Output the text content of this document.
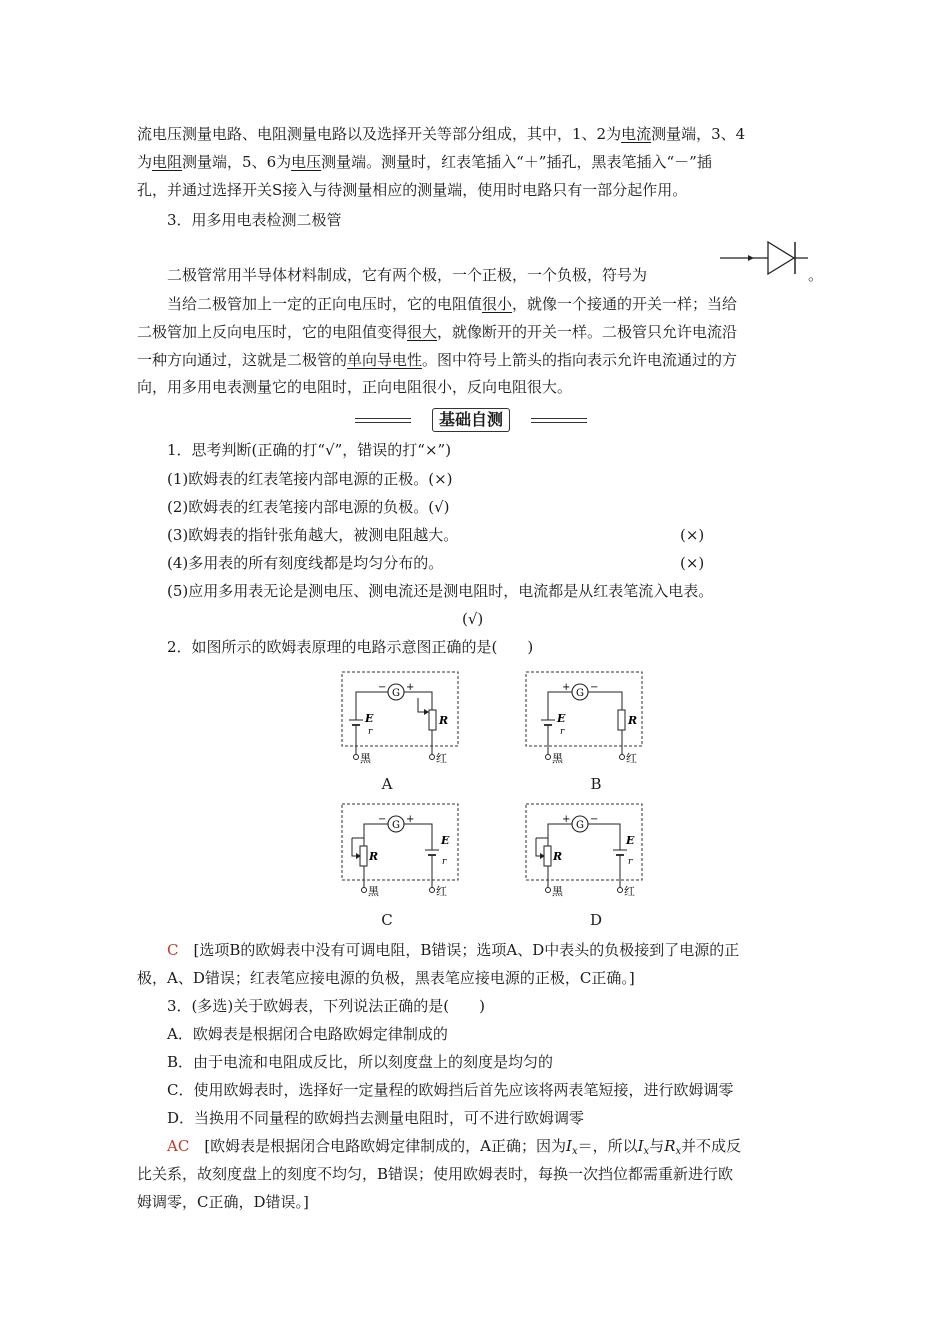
流电压测量电路、电阻测量电路以及选择开关等部分组成，其中，1、2为电流测量端，3、4
为电阻测量端，5、6为电压测量端。测量时，红表笔插入“＋”插孔，黑表笔插入“－”插
孔，并通过选择开关S接入与待测量相应的测量端，使用时电路只有一部分起作用。
3．用多用电表检测二极管
二极管常用半导体材料制成，它有两个极，一个正极，一个负极，符号为	。
当给二极管加上一定的正向电压时，它的电阻值很小，就像一个接通的开关一样；当给
二极管加上反向电压时，它的电阻值变得很大，就像断开的开关一样。二极管只允许电流沿
一种方向通过，这就是二极管的单向导电性。图中符号上箭头的指向表示允许电流通过的方
向，用多用电表测量它的电阻时，正向电阻很小，反向电阻很大。
基础自测
1．思考判断(正确的打“√”，错误的打“×”)
(1)欧姆表的红表笔接内部电源的正极。(×)
(2)欧姆表的红表笔接内部电源的负极。(√)
(3)欧姆表的指针张角越大，被测电阻越大。	(×)
(4)多用表的所有刻度线都是均匀分布的。	(×)
(5)应用多用表无论是测电压、测电流还是测电阻时，电流都是从红表笔流入电表。
(√)
2．如图所示的欧姆表原理的电路示意图正确的是(　　)
−
G
+
E
r
R
黑	红
A
+
G
−
E
r
R
黑	红
B
−
G
+
R
E
r
黑	红
C
+
G
−
R
E
r
黑	红
D
C  [选项B的欧姆表中没有可调电阻，B错误；选项A、D中表头的负极接到了电源的正
极，A、D错误；红表笔应接电源的负极，黑表笔应接电源的正极，C正确。]
3．(多选)关于欧姆表，下列说法正确的是(　　)
A．欧姆表是根据闭合电路欧姆定律制成的
B．由于电流和电阻成反比，所以刻度盘上的刻度是均匀的
C．使用欧姆表时，选择好一定量程的欧姆挡后首先应该将两表笔短接，进行欧姆调零
D．当换用不同量程的欧姆挡去测量电阻时，可不进行欧姆调零
AC  [欧姆表是根据闭合电路欧姆定律制成的，A正确；因为$I_x=$，所以$I_x$与$R_x$并不成反
比关系，故刻度盘上的刻度不均匀，B错误；使用欧姆表时，每换一次挡位都需重新进行欧
姆调零，C正确，D错误。]
